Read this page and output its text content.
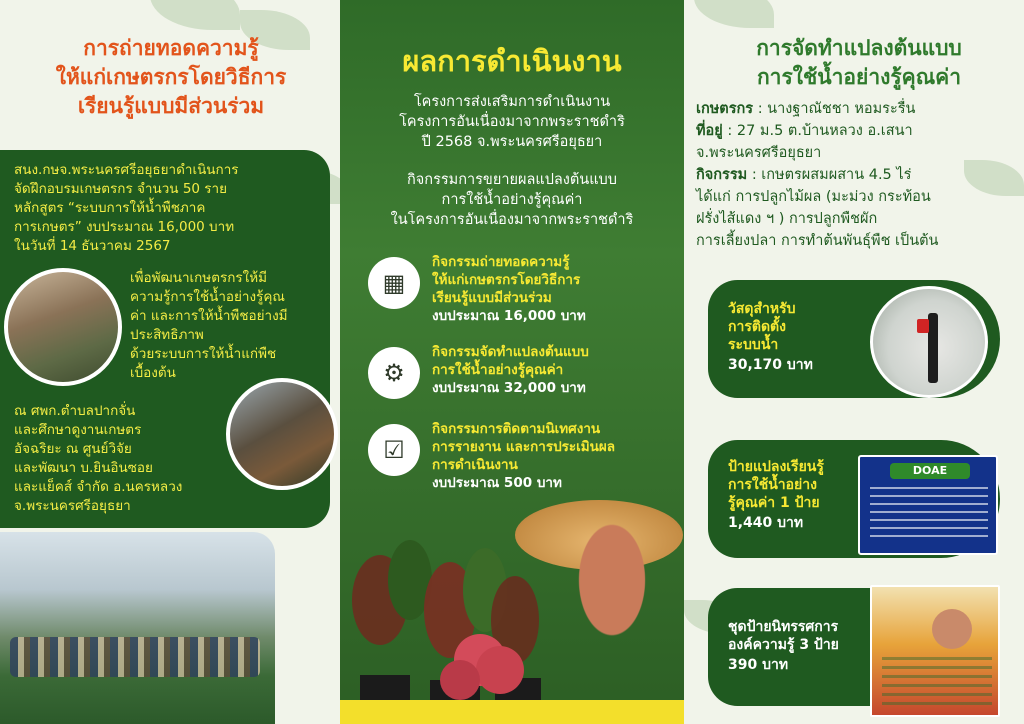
การถ่ายทอดความรู้
ให้แก่เกษตรกรโดยวิธีการ
เรียนรู้แบบมีส่วนร่วม
สนง.กษจ.พระนครศรีอยุธยาดำเนินการ
จัดฝึกอบรมเกษตรกร จำนวน 50 ราย
หลักสูตร “ระบบการให้น้ำพืชภาค
การเกษตร” งบประมาณ 16,000 บาท
ในวันที่ 14 ธันวาคม 2567
เพื่อพัฒนาเกษตรกรให้มี
ความรู้การใช้น้ำอย่างรู้คุณ
ค่า และการให้น้ำพืชอย่างมี
ประสิทธิภาพ
ด้วยระบบการให้น้ำแก่พืช
เบื้องต้น
ณ ศพก.ตำบลปากจั่น
และศึกษาดูงานเกษตร
อัจฉริยะ ณ ศูนย์วิจัย
และพัฒนา บ.ยินอินซอย
และแย็คส์ จำกัด อ.นครหลวง
จ.พระนครศรีอยุธยา
ผลการดำเนินงาน
โครงการส่งเสริมการดำเนินงาน
โครงการอันเนื่องมาจากพระราชดำริ
ปี 2568 จ.พระนครศรีอยุธยา
กิจกรรมการขยายผลแปลงต้นแบบ
การใช้น้ำอย่างรู้คุณค่า
ในโครงการอันเนื่องมาจากพระราชดำริ
▦
กิจกรรมถ่ายทอดความรู้
ให้แก่เกษตรกรโดยวิธีการ
เรียนรู้แบบมีส่วนร่วม
งบประมาณ 16,000 บาท
⚙
กิจกรรมจัดทำแปลงต้นแบบ
การใช้น้ำอย่างรู้คุณค่า
งบประมาณ 32,000 บาท
☑
กิจกรรมการติดตามนิเทศงาน
การรายงาน และการประเมินผล
การดำเนินงาน
งบประมาณ 500 บาท
การจัดทำแปลงต้นแบบ
การใช้น้ำอย่างรู้คุณค่า
เกษตรกร : นางฐาณัชชา หอมระรื่น
ที่อยู่ : 27 ม.5 ต.บ้านหลวง อ.เสนา
จ.พระนครศรีอยุธยา
กิจกรรม : เกษตรผสมผสาน 4.5 ไร่
ได้แก่ การปลูกไม้ผล (มะม่วง กระท้อน
ฝรั่งไส้แดง ฯ ) การปลูกพืชผัก
การเลี้ยงปลา การทำต้นพันธุ์พืช เป็นต้น
วัสดุสำหรับ
การติดตั้ง
ระบบน้ำ
30,170 บาท
ป้ายแปลงเรียนรู้
การใช้น้ำอย่าง
รู้คุณค่า 1 ป้าย
1,440 บาท
DOAE
ชุดป้ายนิทรรศการ
องค์ความรู้ 3 ป้าย
390 บาท
